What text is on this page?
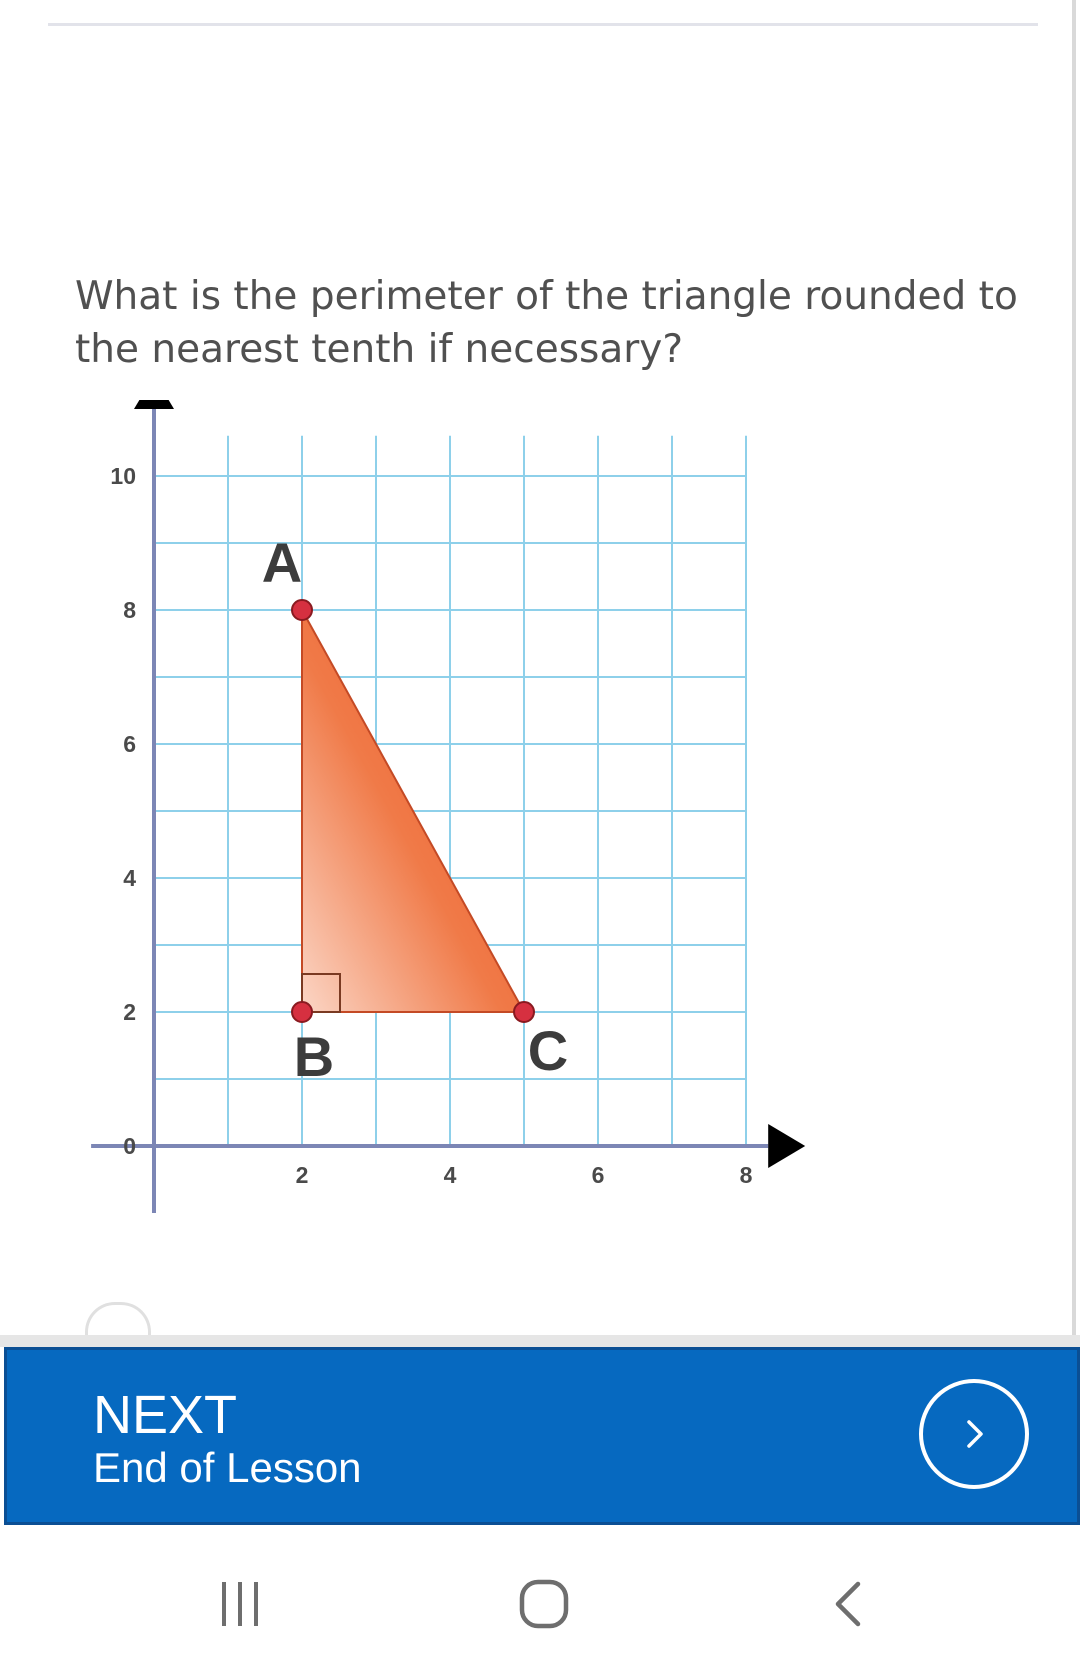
What is the perimeter of the triangle rounded to the nearest tenth if necessary?
10
8
6
4
2
0
2	4	6	8
A
B	C
NEXT
End of Lesson
